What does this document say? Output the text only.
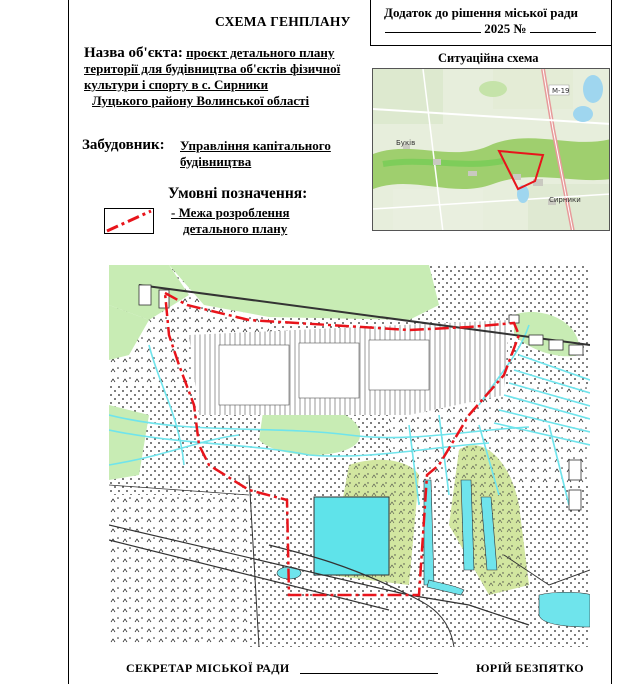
СХЕМА ГЕНПЛАНУ
Додаток до рішення міської ради
2025 №
Назва об'єкта: проєкт детального плану
території для будівництва об'єктів фізичної
культури і спорту в с. Сирники
Луцького району Волинської області
Забудовник: Управління капітального
будівництва
Умовні позначення:
- Межа розроблення
детального плану
Ситуаційна схема
М-19
Буків
Сирники
СЕКРЕТАР МІСЬКОЇ РАДИ	ЮРІЙ БЕЗПЯТКО
